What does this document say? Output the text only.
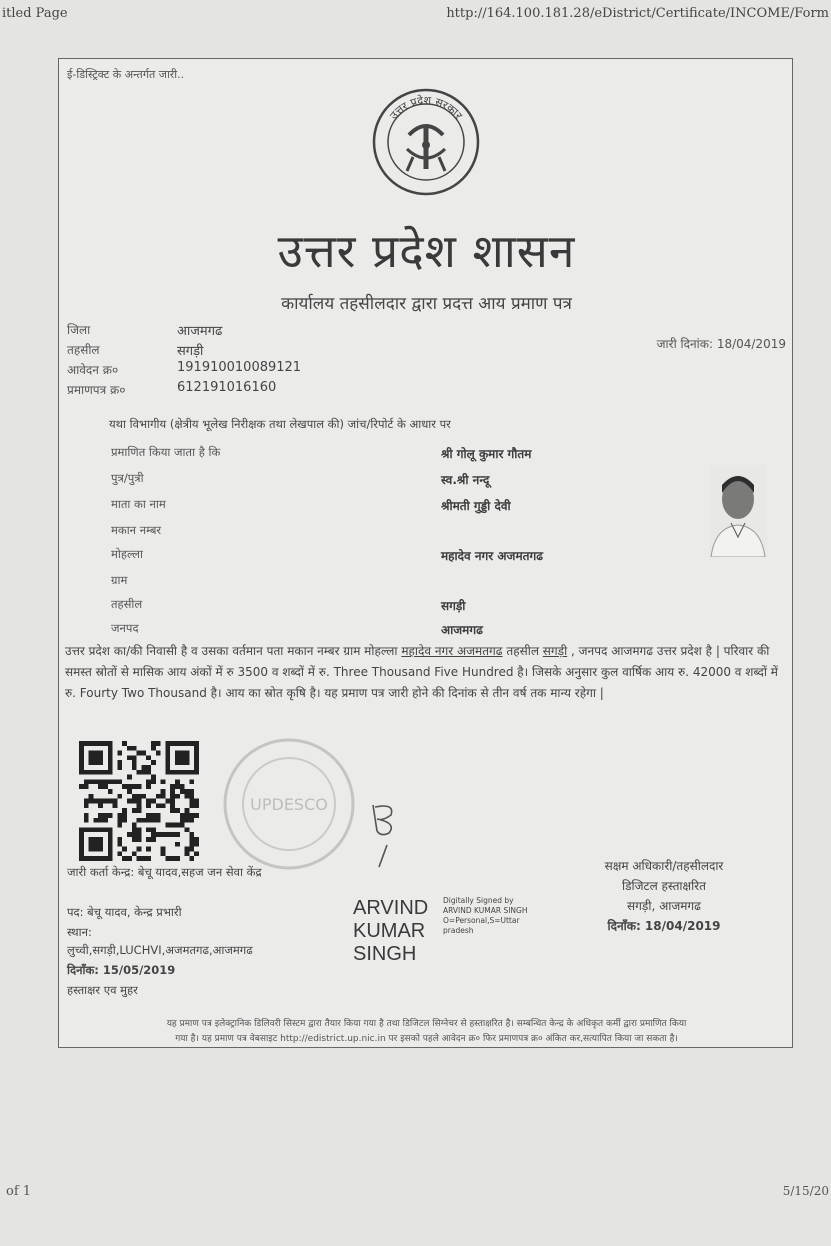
itled Page	http://164.100.181.28/eDistrict/Certificate/INCOME/Form
ई-डिस्ट्रिक्ट के अन्तर्गत जारी..
उत्तर प्रदेश सरकार
उत्तर प्रदेश शासन
कार्यालय तहसीलदार द्वारा प्रदत्त आय प्रमाण पत्र
जिला	आजमगढ
तहसील	सगड़ी
आवेदन क्र०	191910010089121
प्रमाणपत्र क्र०	612191016160
जारी दिनांक: 18/04/2019
यथा विभागीय (क्षेत्रीय भूलेख निरीक्षक तथा लेखपाल की) जांच/रिपोर्ट के आधार पर
प्रमाणित किया जाता है कि	श्री गोलू कुमार गौतम
पुत्र/पुत्री	स्व.श्री नन्दू
माता का नाम	श्रीमती गुड्डी देवी
मकान नम्बर
मोहल्ला	महादेव नगर अजमतगढ
ग्राम
तहसील	सगड़ी
जनपद	आजमगढ
उत्तर प्रदेश का/की निवासी है व उसका वर्तमान पता मकान नम्बर ग्राम मोहल्ला महादेव नगर अजमतगढ तहसील सगड़ी , जनपद आजमगढ उत्तर प्रदेश है | परिवार की समस्त स्रोतों से मासिक आय अंकों में रु 3500 व शब्दों में रु. Three Thousand Five Hundred है। जिसके अनुसार कुल वार्षिक आय रु. 42000 व शब्दों में रु. Fourty Two Thousand है। आय का स्रोत कृषि है। यह प्रमाण पत्र जारी होने की दिनांक से तीन वर्ष तक मान्य रहेगा |
UPDESCO
जारी कर्ता केन्द्र: बेचू यादव,सहज जन सेवा केंद्र
पद: बेचू यादव, केन्द्र प्रभारी
स्थान:
लुच्वी,सगड़ी,LUCHVI,अजमतगढ,आजमगढ
दिनाँक: 15/05/2019
हस्ताक्षर एव मुहर
ARVIND
KUMAR
SINGH
Digitally Signed by
ARVIND KUMAR SINGH
O=Personal,S=Uttar
pradesh
सक्षम अधिकारी/तहसीलदार
डिजिटल हस्ताक्षरित
सगड़ी, आजमगढ
दिनाँक: 18/04/2019
यह प्रमाण पत्र इलेक्ट्रानिक डिलिवरी सिस्टम द्वारा तैयार किया गया है तथा डिजिटल सिग्नेचर से हस्ताक्षरित है। सम्बन्धित केन्द्र के अधिकृत कर्मी द्वारा प्रमाणित किया
गया है। यह प्रमाण पत्र वेबसाइट http://edistrict.up.nic.in पर इसको पहले आवेदन क्र० फिर प्रमाणपत्र क्र० अंकित कर,सत्यापित किया जा सकता है।
of 1	5/15/20
